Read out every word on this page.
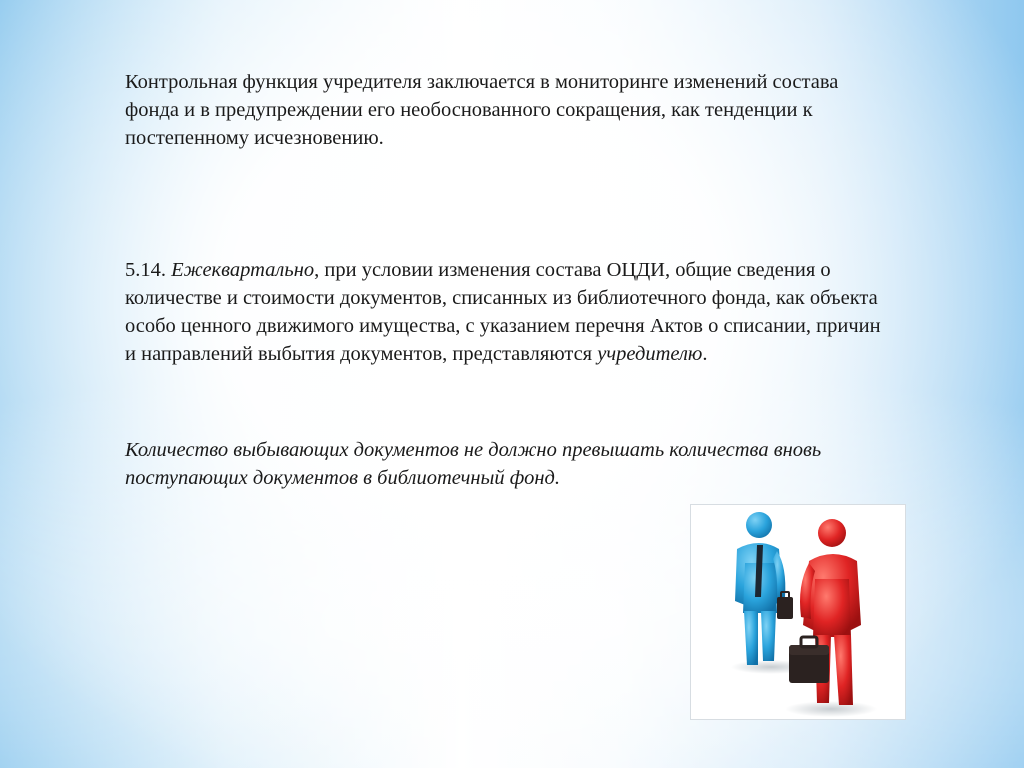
Контрольная функция учредителя заключается в мониторинге изменений состава фонда и в предупреждении его необоснованного сокращения, как тенденции к постепенному исчезновению.

5.14. Ежеквартально, при условии изменения состава ОЦДИ, общие сведения о количестве и стоимости документов, списанных из библиотечного фонда, как объекта особо ценного движимого имущества, с указанием перечня Актов о списании, причин и направлений выбытия документов, представляются учредителю.

Количество выбывающих документов не должно превышать количества вновь поступающих документов в библиотечный фонд.
